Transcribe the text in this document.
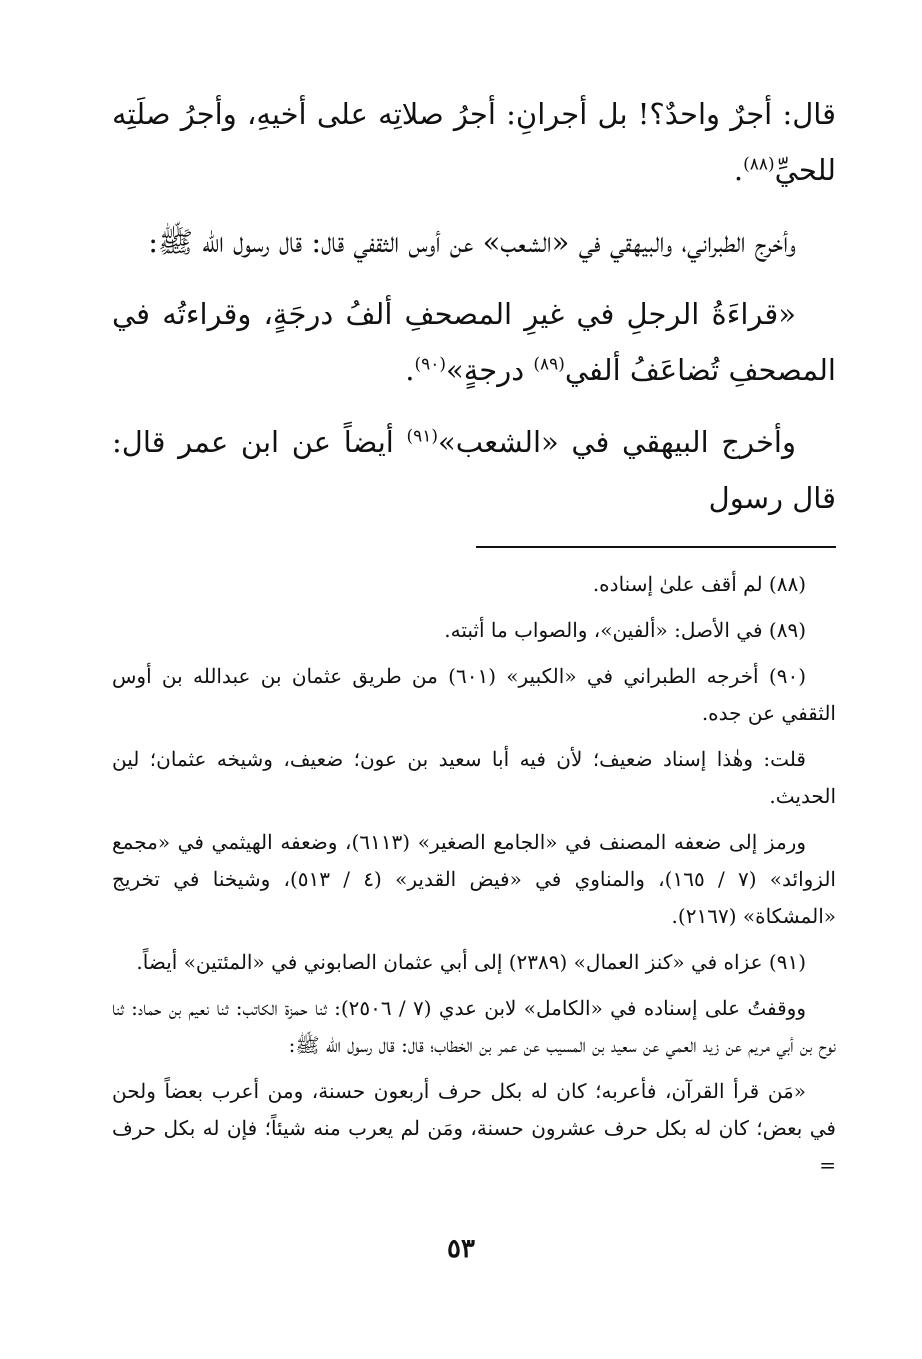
قال: أجرٌ واحدٌ؟! بل أجرانِ: أجرُ صلاتِه على أخيهِ، وأجرُ صلَتِه للحيِّ$^{(٨٨)}$.

وأخرج الطبراني، والبيهقي في «الشعب» عن أوس الثقفي قال: قال رسول الله ﷺ:

«قراءَةُ الرجلِ في غيرِ المصحفِ ألفُ درجَةٍ، وقراءتُه في المصحفِ تُضاعَفُ ألفي$^{(٨٩)}$ درجةٍ»$^{(٩٠)}$.

وأخرج البيهقي في «الشعب»$^{(٩١)}$ أيضاً عن ابن عمر قال: قال رسول

(٨٨) لم أقف علىٰ إسناده.

(٨٩) في الأصل: «ألفين»، والصواب ما أثبته.

(٩٠) أخرجه الطبراني في «الكبير» (٦٠١) من طريق عثمان بن عبدالله بن أوس الثقفي عن جده.

قلت: وهٰذا إسناد ضعيف؛ لأن فيه أبا سعيد بن عون؛ ضعيف، وشيخه عثمان؛ لين الحديث.

ورمز إلى ضعفه المصنف في «الجامع الصغير» (٦١١٣)، وضعفه الهيثمي في «مجمع الزوائد» (٧ / ١٦٥)، والمناوي في «فيض القدير» (٤ / ٥١٣)، وشيخنا في تخريج «المشكاة» (٢١٦٧).

(٩١) عزاه في «كنز العمال» (٢٣٨٩) إلى أبي عثمان الصابوني في «المئتين» أيضاً.

ووقفتُ على إسناده في «الكامل» لابن عدي (٧ / ٢٥٠٦): ثنا حمزة الكاتب: ثنا نعيم بن حماد: ثنا نوح بن أبي مريم عن زيد العمي عن سعيد بن المسيب عن عمر بن الخطاب؛ قال: قال رسول الله ﷺ:

«مَن قرأ القرآن، فأعربه؛ كان له بكل حرف أربعون حسنة، ومن أعرب بعضاً ولحن في بعض؛ كان له بكل حرف عشرون حسنة، ومَن لم يعرب منه شيئاً؛ فإن له بكل حرف =

٥٣
